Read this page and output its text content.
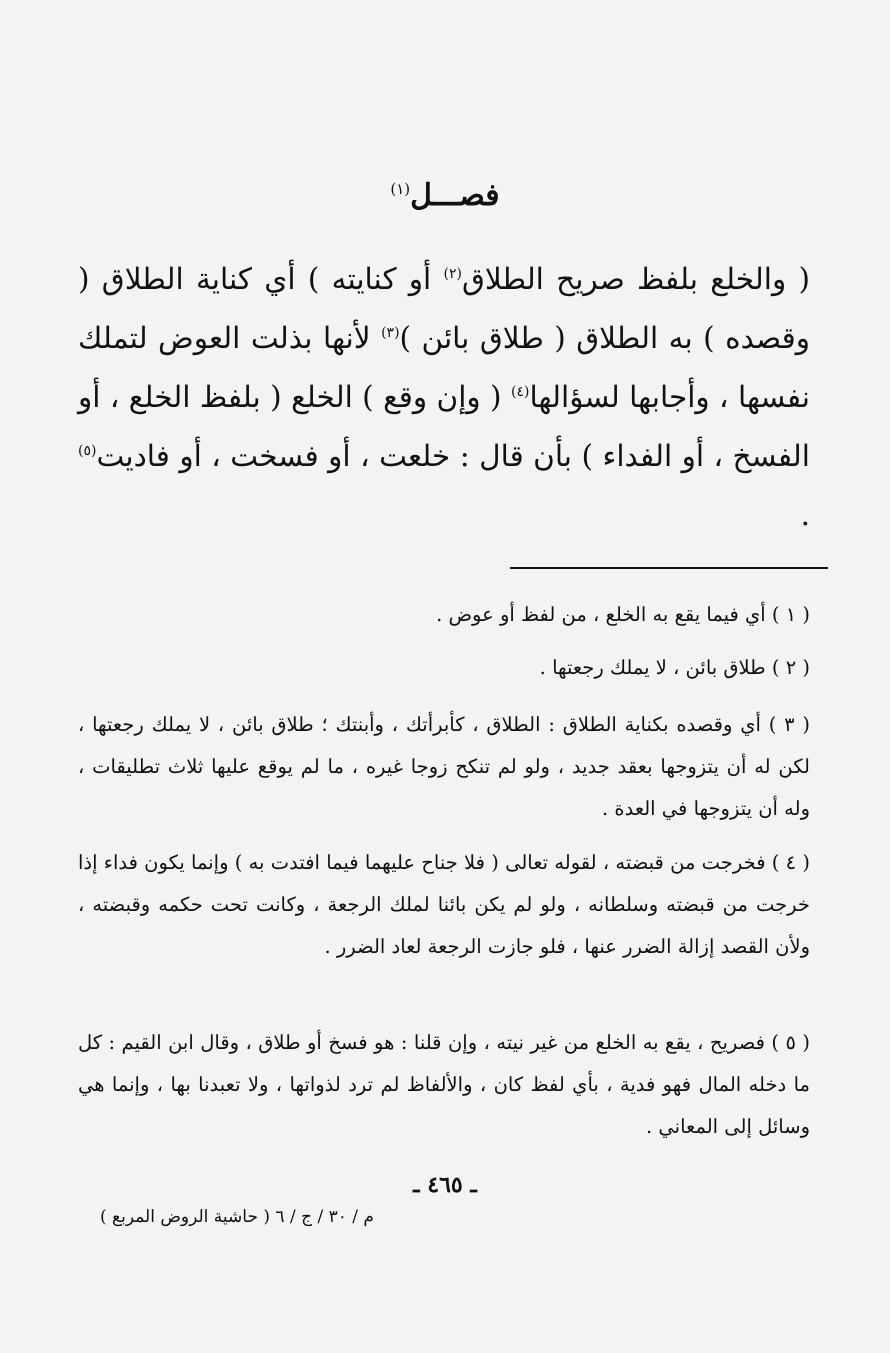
فصـــل$^{(١)}$

( والخلع بلفظ صريح الطلاق$^{(٢)}$ أو كنايته ) أي كناية الطلاق ( وقصده ) به الطلاق ( طلاق بائن )$^{(٣)}$ لأنها بذلت العوض لتملك نفسها ، وأجابها لسؤالها$^{(٤)}$ ( وإن وقع ) الخلع ( بلفظ الخلع ، أو الفسخ ، أو الفداء ) بأن قال : خلعت ، أو فسخت ، أو فاديت$^{(٥)}$ .

( ١ ) أي فيما يقع به الخلع ، من لفظ أو عوض .

( ٢ ) طلاق بائن ، لا يملك رجعتها .

( ٣ ) أي وقصده بكناية الطلاق : الطلاق ، كأبرأتك ، وأبنتك ؛ طلاق بائن ، لا يملك رجعتها ، لكن له أن يتزوجها بعقد جديد ، ولو لم تنكح زوجا غيره ، ما لم يوقع عليها ثلاث تطليقات ، وله أن يتزوجها في العدة .

( ٤ ) فخرجت من قبضته ، لقوله تعالى ( فلا جناح عليهما فيما افتدت به ) وإنما يكون فداء إذا خرجت من قبضته وسلطانه ، ولو لم يكن بائنا لملك الرجعة ، وكانت تحت حكمه وقبضته ، ولأن القصد إزالة الضرر عنها ، فلو جازت الرجعة لعاد الضرر .

( ٥ ) فصريح ، يقع به الخلع من غير نيته ، وإن قلنا : هو فسخ أو طلاق ، وقال ابن القيم : كل ما دخله المال فهو فدية ، بأي لفظ كان ، والألفاظ لم ترد لذواتها ، ولا تعبدنا بها ، وإنما هي وسائل إلى المعاني .

ـ ٤٦٥ ـ
م / ٣٠ / ج / ٦ ( حاشية الروض المربع )
